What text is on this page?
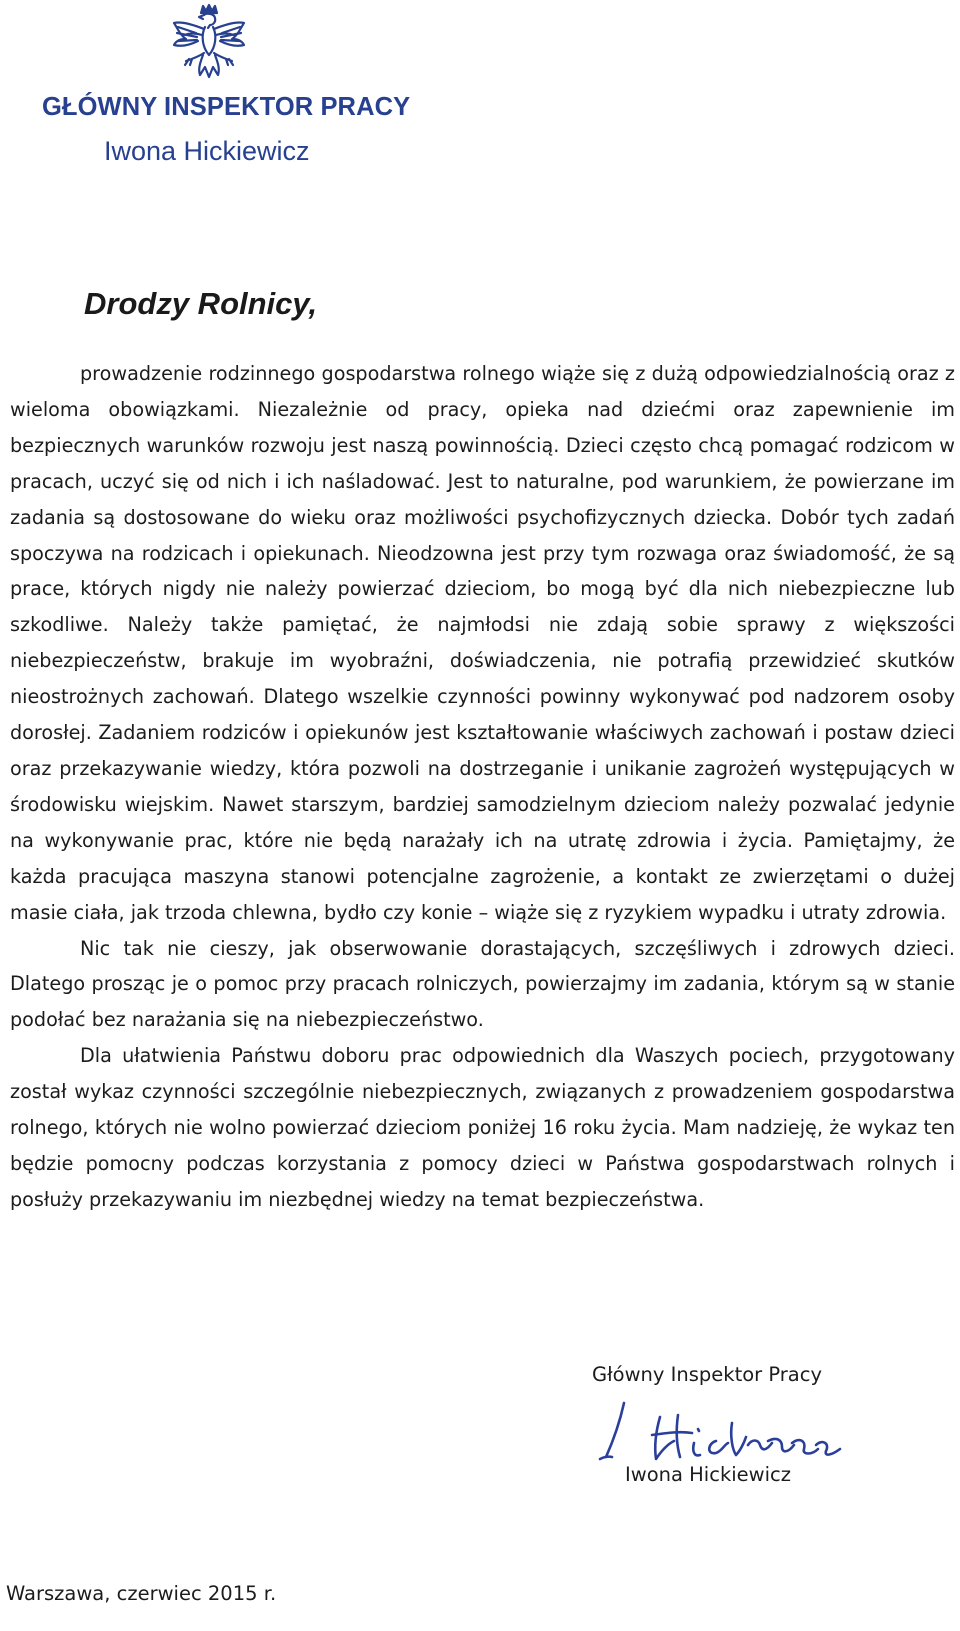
GŁÓWNY INSPEKTOR PRACY
Iwona Hickiewicz
Drodzy Rolnicy,

prowadzenie rodzinnego gospodarstwa rolnego wiąże się z dużą odpowiedzialnością oraz z wieloma obowiązkami. Niezależnie od pracy, opieka nad dziećmi oraz zapewnienie im bezpiecznych warunków rozwoju jest naszą powinnością. Dzieci często chcą pomagać rodzicom w pracach, uczyć się od nich i ich naśladować. Jest to naturalne, pod warunkiem, że powierzane im zadania są dostosowane do wieku oraz możliwości psychofizycznych dziecka. Dobór tych zadań spoczywa na rodzicach i opiekunach. Nieodzowna jest przy tym rozwaga oraz świadomość, że są prace, których nigdy nie należy powierzać dzieciom, bo mogą być dla nich niebezpieczne lub szkodliwe. Należy także pamiętać, że najmłodsi nie zdają sobie sprawy z większości niebezpieczeństw, brakuje im wyobraźni, doświadczenia, nie potrafią przewidzieć skutków nieostrożnych zachowań. Dlatego wszelkie czynności powinny wykonywać pod nadzorem osoby dorosłej. Zadaniem rodziców i opiekunów jest kształtowanie właściwych zachowań i postaw dzieci oraz przekazywanie wiedzy, która pozwoli na dostrzeganie i unikanie zagrożeń występujących w środowisku wiejskim. Nawet starszym, bardziej samodzielnym dzieciom należy pozwalać jedynie na wykonywanie prac, które nie będą narażały ich na utratę zdrowia i życia. Pamiętajmy, że każda pracująca maszyna stanowi potencjalne zagrożenie, a kontakt ze zwierzętami o dużej masie ciała, jak trzoda chlewna, bydło czy konie – wiąże się z ryzykiem wypadku i utraty zdrowia.

Nic tak nie cieszy, jak obserwowanie dorastających, szczęśliwych i zdrowych dzieci. Dlatego prosząc je o pomoc przy pracach rolniczych, powierzajmy im zadania, którym są w stanie podołać bez narażania się na niebezpieczeństwo.

Dla ułatwienia Państwu doboru prac odpowiednich dla Waszych pociech, przygotowany został wykaz czynności szczególnie niebezpiecznych, związanych z prowadzeniem gospodarstwa rolnego, których nie wolno powierzać dzieciom poniżej 16 roku życia. Mam nadzieję, że wykaz ten będzie pomocny podczas korzystania z pomocy dzieci w Państwa gospodarstwach rolnych i posłuży przekazywaniu im niezbędnej wiedzy na temat bezpieczeństwa.

Główny Inspektor Pracy
Iwona Hickiewicz
Warszawa, czerwiec 2015 r.
